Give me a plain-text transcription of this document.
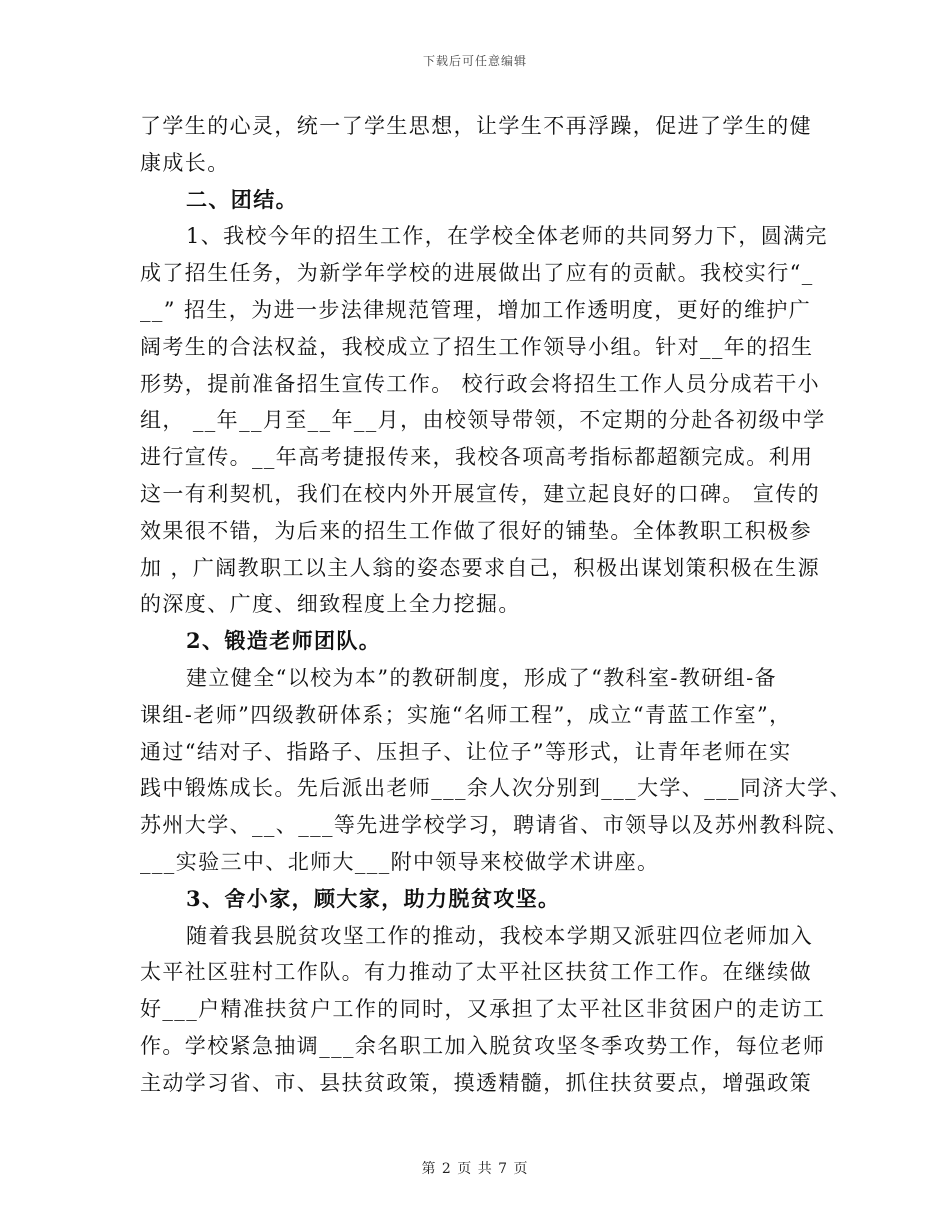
下载后可任意编辑
了学生的心灵，统一了学生思想，让学生不再浮躁，促进了学生的健
康成长。
二、团结。
1、我校今年的招生工作，在学校全体老师的共同努力下，圆满完
成了招生任务，为新学年学校的进展做出了应有的贡献。我校实行“_
__” 招生，为进一步法律规范管理，增加工作透明度，更好的维护广
阔考生的合法权益，我校成立了招生工作领导小组。针对__年的招生
形势，提前准备招生宣传工作。 校行政会将招生工作人员分成若干小
组， __年__月至__年__月，由校领导带领，不定期的分赴各初级中学
进行宣传。__年高考捷报传来，我校各项高考指标都超额完成。利用
这一有利契机，我们在校内外开展宣传，建立起良好的口碑。 宣传的
效果很不错，为后来的招生工作做了很好的铺垫。全体教职工积极参
加 ，广阔教职工以主人翁的姿态要求自己，积极出谋划策积极在生源
的深度、广度、细致程度上全力挖掘。
2、锻造老师团队。
建立健全“以校为本”的教研制度，形成了“教科室-教研组-备
课组-老师”四级教研体系；实施“名师工程”，成立“青蓝工作室”，
通过“结对子、指路子、压担子、让位子”等形式，让青年老师在实
践中锻炼成长。先后派出老师___余人次分别到___大学、___同济大学、
苏州大学、__、___等先进学校学习，聘请省、市领导以及苏州教科院、
___实验三中、北师大___附中领导来校做学术讲座。
3、舍小家，顾大家，助力脱贫攻坚。
随着我县脱贫攻坚工作的推动，我校本学期又派驻四位老师加入
太平社区驻村工作队。有力推动了太平社区扶贫工作工作。在继续做
好___户精准扶贫户工作的同时，又承担了太平社区非贫困户的走访工
作。学校紧急抽调___余名职工加入脱贫攻坚冬季攻势工作，每位老师
主动学习省、市、县扶贫政策，摸透精髓，抓住扶贫要点，增强政策
第 2 页 共 7 页
